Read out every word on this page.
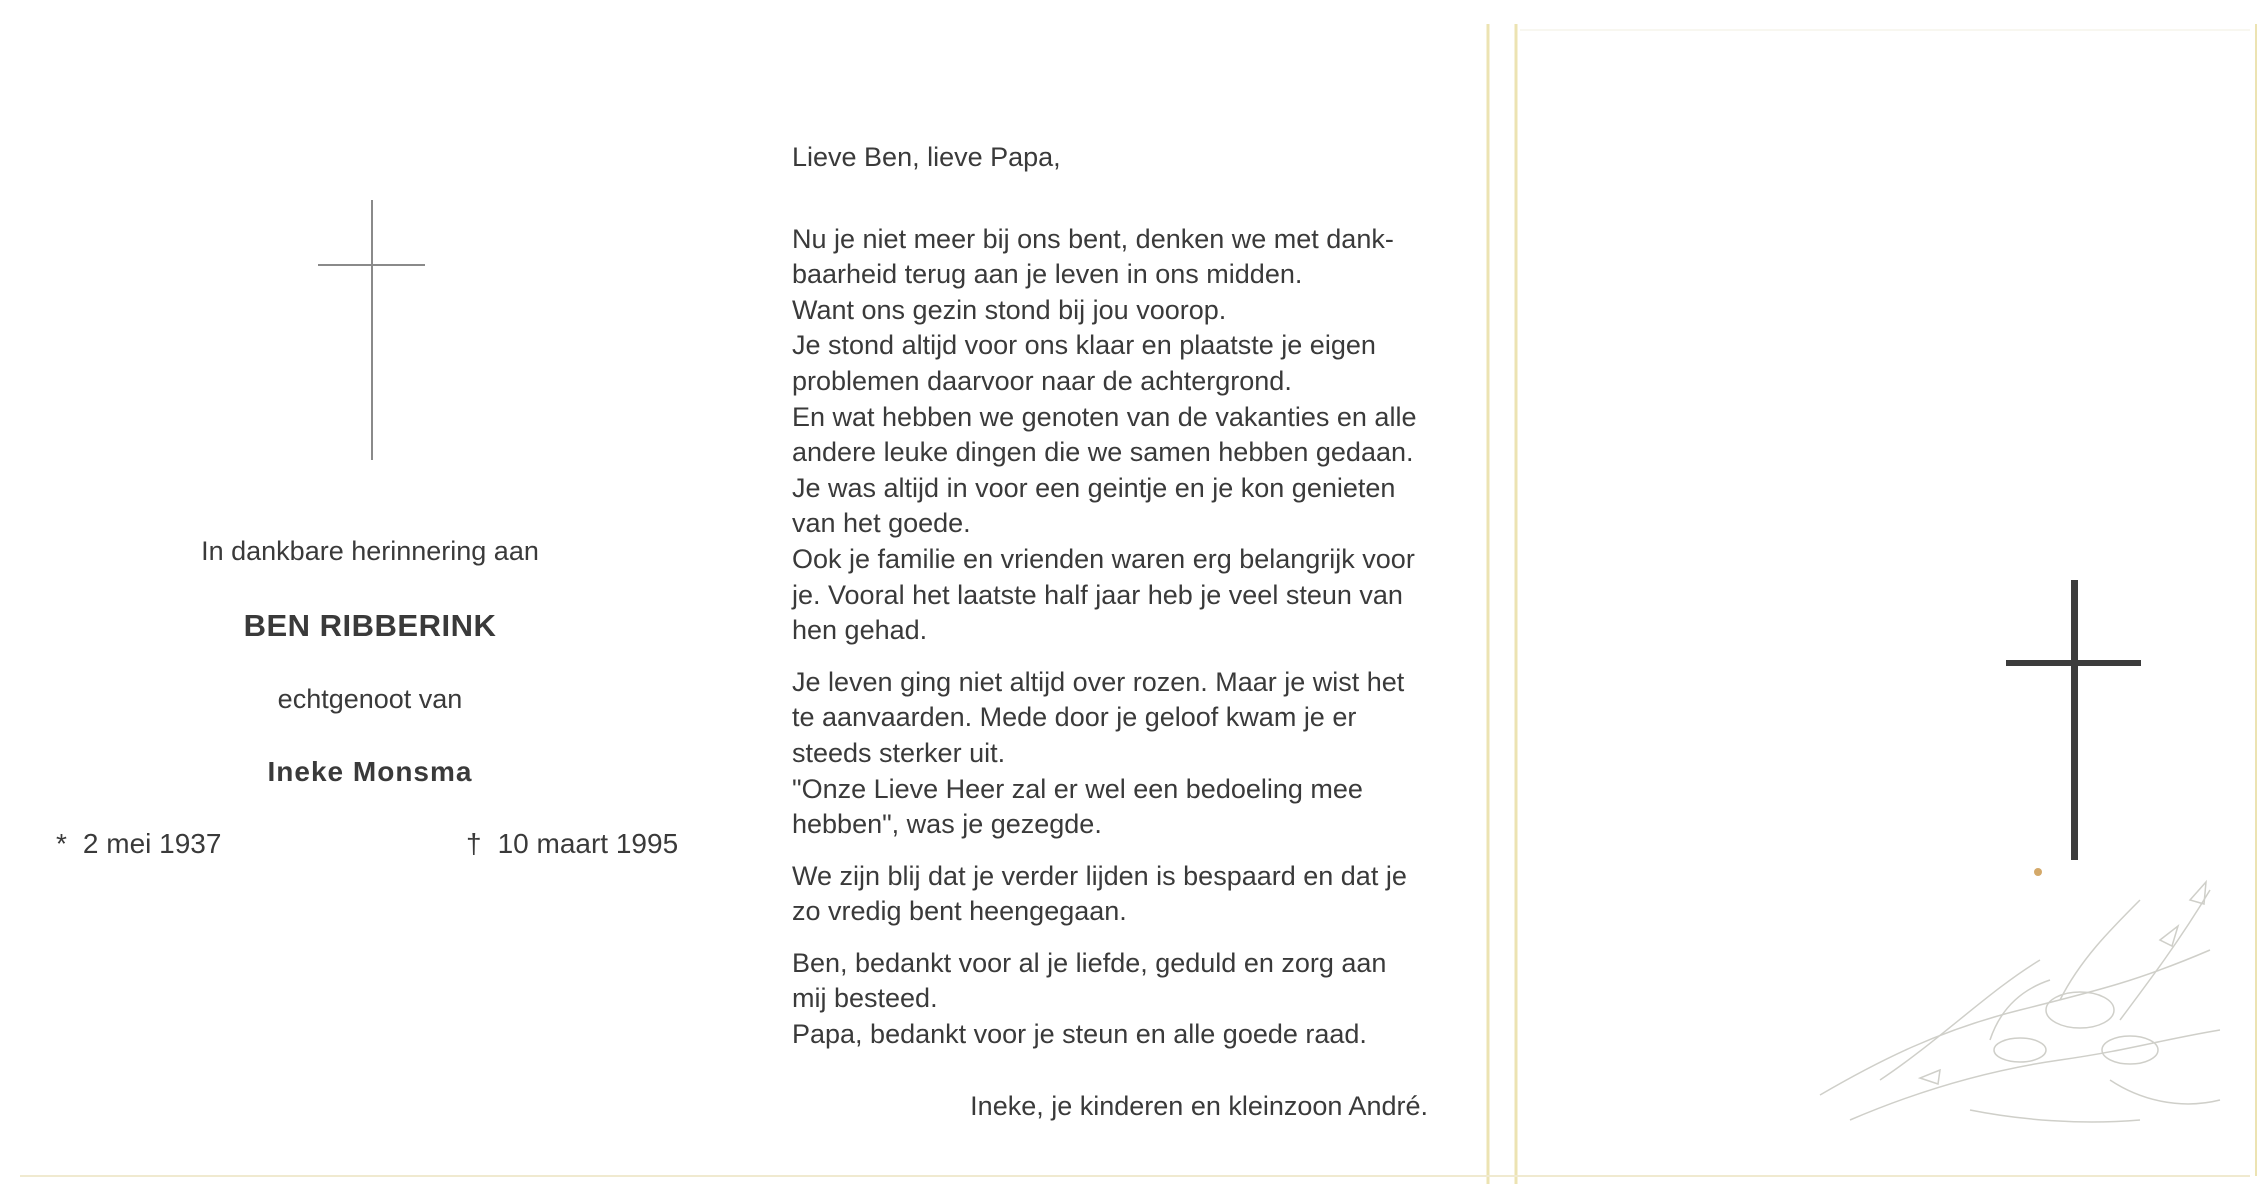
In dankbare herinnering aan
BEN RIBBERINK
echtgenoot van
Ineke Monsma
* 2 mei 1937	† 10 maart 1995
Lieve Ben, lieve Papa,
Nu je niet meer bij ons bent, denken we met dank-
baarheid terug aan je leven in ons midden.
Want ons gezin stond bij jou voorop.
Je stond altijd voor ons klaar en plaatste je eigen
problemen daarvoor naar de achtergrond.
En wat hebben we genoten van de vakanties en alle
andere leuke dingen die we samen hebben gedaan.
Je was altijd in voor een geintje en je kon genieten
van het goede.
Ook je familie en vrienden waren erg belangrijk voor
je. Vooral het laatste half jaar heb je veel steun van
hen gehad.
Je leven ging niet altijd over rozen. Maar je wist het
te aanvaarden. Mede door je geloof kwam je er
steeds sterker uit.
"Onze Lieve Heer zal er wel een bedoeling mee
hebben", was je gezegde.
We zijn blij dat je verder lijden is bespaard en dat je
zo vredig bent heengegaan.
Ben, bedankt voor al je liefde, geduld en zorg aan
mij besteed.
Papa, bedankt voor je steun en alle goede raad.
Ineke, je kinderen en kleinzoon André.
